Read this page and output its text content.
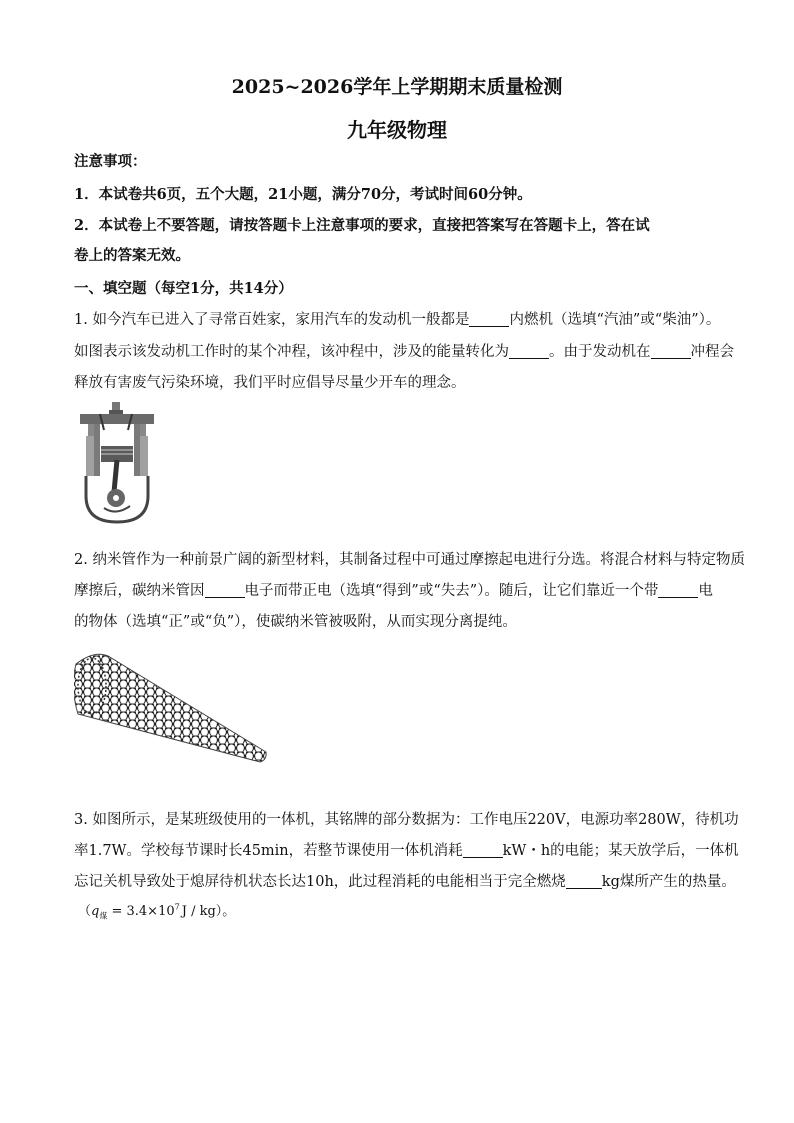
2025~2026学年上学期期末质量检测
九年级物理
注意事项：
1．本试卷共6页，五个大题，21小题，满分70分，考试时间60分钟。
2．本试卷上不要答题，请按答题卡上注意事项的要求，直接把答案写在答题卡上，答在试
卷上的答案无效。
一、填空题（每空1分，共14分）
1. 如今汽车已进入了寻常百姓家，家用汽车的发动机一般都是	内燃机（选填“汽油”或“柴油”）。
如图表示该发动机工作时的某个冲程，该冲程中，涉及的能量转化为	。由于发动机在	冲程会
释放有害废气污染环境，我们平时应倡导尽量少开车的理念。
2. 纳米管作为一种前景广阔的新型材料，其制备过程中可通过摩擦起电进行分选。将混合材料与特定物质
摩擦后，碳纳米管因	电子而带正电（选填“得到”或“失去”）。随后，让它们靠近一个带	电
的物体（选填“正”或“负”），使碳纳米管被吸附，从而实现分离提纯。
3. 如图所示，是某班级使用的一体机，其铭牌的部分数据为：工作电压220V，电源功率280W，待机功
率1.7W。学校每节课时长45min，若整节课使用一体机消耗	kW・h的电能；某天放学后，一体机
忘记关机导致处于熄屏待机状态长达10h，此过程消耗的电能相当于完全燃烧 kg煤所产生的热量。
（$q_煤 = 3.4\times 10^7$ J / kg）。
